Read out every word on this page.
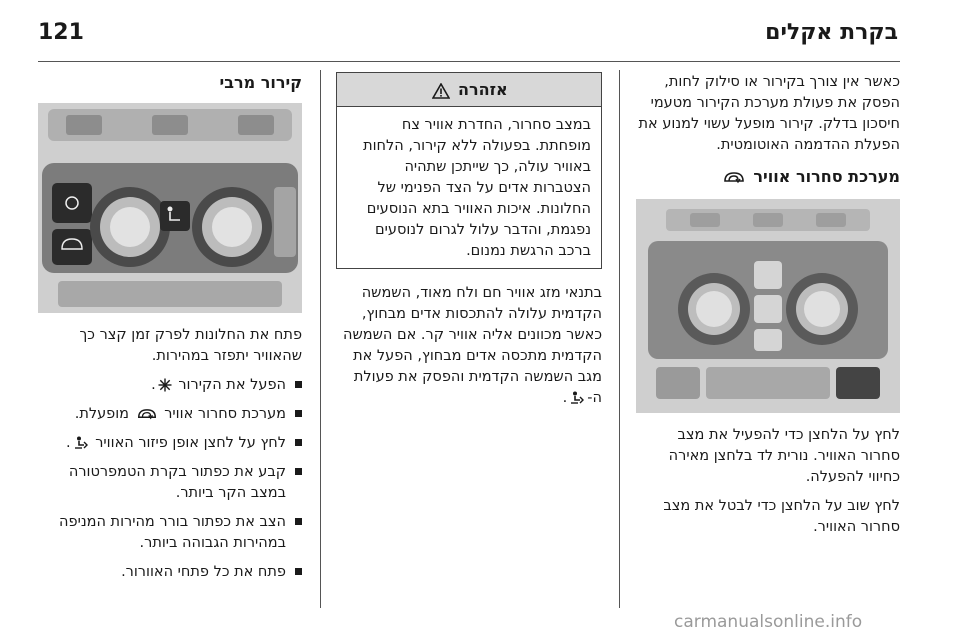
בקרת אקלים
121

כאשר אין צורך בקירור או סילוק לחות, הפסק את פעולת מערכת הקירור מטעמי חיסכון בדלק. קירור מופעל עשוי למנוע את הפעלת ההדממה האוטומטית.

מערכת סחרור אוויר

לחץ על הלחצן כדי להפעיל את מצב סחרור האוויר. נורית לד בלחצן מאירה כחיווי להפעלה.

לחץ שוב על הלחצן כדי לבטל את מצב סחרור האוויר.

אזהרה
במצב סחרור, החדרת אוויר צח מופחתת. בפעולה ללא קירור, הלחות באוויר עולה, כך שייתכן שתהיה הצטברות אדים על הצד הפנימי של החלונות. איכות האוויר בתא הנוסעים נפגמת, והדבר עלול לגרום לנוסעים ברכב הרגשת נמנום.

בתנאי מזג אוויר חם ולח מאוד, השמשה הקדמית עלולה להתכסות אדים מבחוץ, כאשר מכוונים אליה אוויר קר. אם השמשה הקדמית מתכסה אדים מבחוץ, הפעל את מגב השמשה הקדמית והפסק את פעולת ה-.

קירור מרבי

פתח את החלונות לפרק זמן קצר כך שהאוויר יתפזר במהירות.

הפעל את הקירור .
מערכת סחרור אוויר  מופעלת.
לחץ על לחצן אופן פיזור האוויר .
קבע את כפתור בקרת הטמפרטורה במצב הקר ביותר.
הצב את כפתור בורר מהירות המניפה במהירות הגבוהה ביותר.
פתח את כל פתחי האוורור.
carmanualsonline.info
